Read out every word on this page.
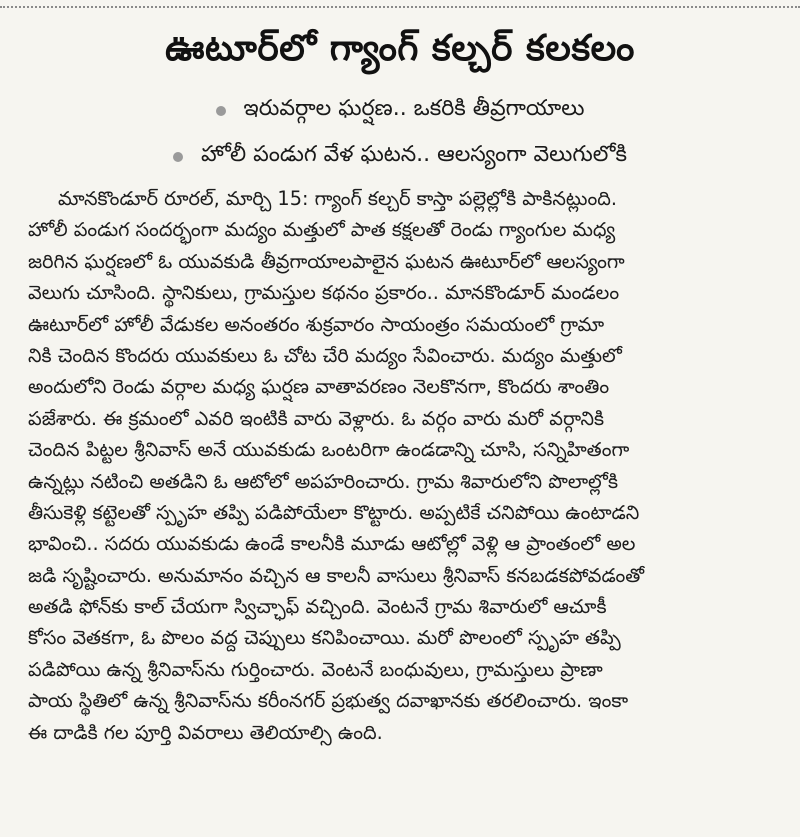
ఊటూర్‌లో గ్యాంగ్ కల్చర్ కలకలం
ఇరువర్గాల ఘర్షణ.. ఒకరికి తీవ్రగాయాలు
హోలీ పండుగ వేళ ఘటన.. ఆలస్యంగా వెలుగులోకి
మానకొండూర్ రూరల్, మార్చి 15: గ్యాంగ్ కల్చర్ కాస్తా పల్లెల్లోకి పాకినట్లుంది.
హోలీ పండుగ సందర్భంగా మద్యం మత్తులో పాత కక్షలతో రెండు గ్యాంగుల మధ్య
జరిగిన ఘర్షణలో ఓ యువకుడి తీవ్రగాయాలపాలైన ఘటన ఊటూర్‌లో ఆలస్యంగా
వెలుగు చూసింది. స్థానికులు, గ్రామస్తుల కథనం ప్రకారం.. మానకొండూర్ మండలం
ఊటూర్‌లో హోలీ వేడుకల అనంతరం శుక్రవారం సాయంత్రం సమయంలో గ్రామా
నికి చెందిన కొందరు యువకులు ఓ చోట చేరి మద్యం సేవించారు. మద్యం మత్తులో
అందులోని రెండు వర్గాల మధ్య ఘర్షణ వాతావరణం నెలకొనగా, కొందరు శాంతిం
పజేశారు. ఈ క్రమంలో ఎవరి ఇంటికి వారు వెళ్లారు. ఓ వర్గం వారు మరో వర్గానికి
చెందిన పిట్టల శ్రీనివాస్ అనే యువకుడు ఒంటరిగా ఉండడాన్ని చూసి, సన్నిహితంగా
ఉన్నట్లు నటించి అతడిని ఓ ఆటోలో అపహరించారు. గ్రామ శివారులోని పొలాల్లోకి
తీసుకెళ్లి కట్టెలతో స్పృహ తప్పి పడిపోయేలా కొట్టారు. అప్పటికే చనిపోయి ఉంటాడని
భావించి.. సదరు యువకుడు ఉండే కాలనీకి మూడు ఆటోల్లో వెళ్లి ఆ ప్రాంతంలో అల
జడి సృష్టించారు. అనుమానం వచ్చిన ఆ కాలనీ వాసులు శ్రీనివాస్ కనబడకపోవడంతో
అతడి ఫోన్‌కు కాల్ చేయగా స్విచ్ఛాఫ్ వచ్చింది. వెంటనే గ్రామ శివారులో ఆచూకీ
కోసం వెతకగా, ఓ పొలం వద్ద చెప్పులు కనిపించాయి. మరో పొలంలో స్పృహ తప్పి
పడిపోయి ఉన్న శ్రీనివాస్‌ను గుర్తించారు. వెంటనే బంధువులు, గ్రామస్తులు ప్రాణా
పాయ స్థితిలో ఉన్న శ్రీనివాస్‌ను కరీంనగర్ ప్రభుత్వ దవాఖానకు తరలించారు. ఇంకా
ఈ దాడికి గల పూర్తి వివరాలు తెలియాల్సి ఉంది.
